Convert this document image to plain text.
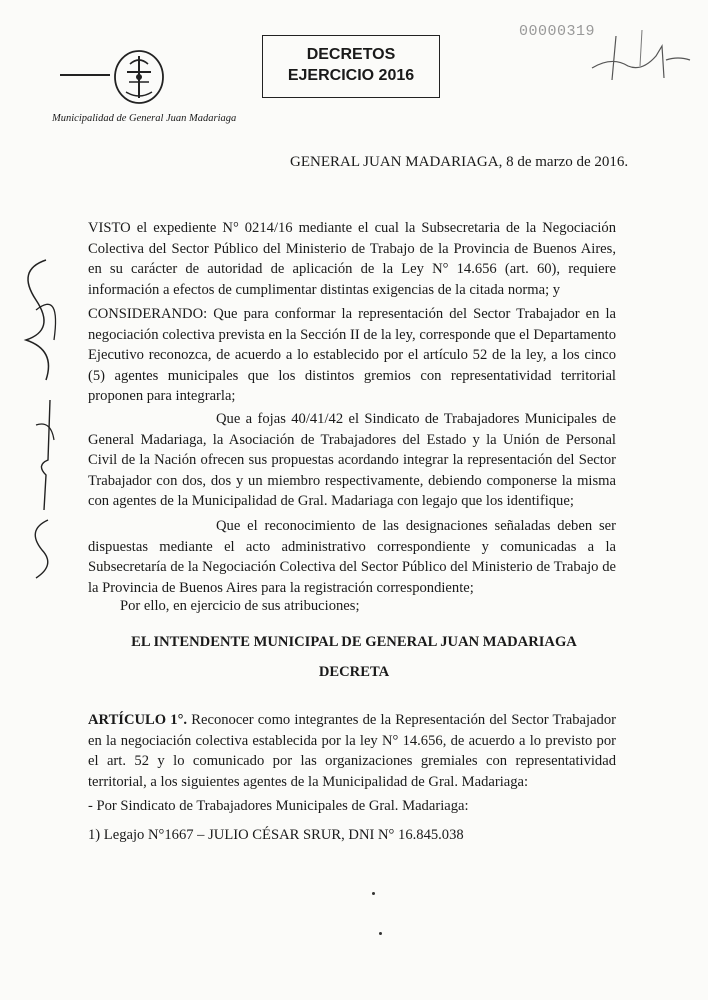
Municipalidad de General Juan Madariaga
DECRETOS
EJERCICIO 2016
00000319
GENERAL JUAN MADARIAGA, 8 de marzo de 2016.
VISTO el expediente N° 0214/16 mediante el cual la Subsecretaria de la Negociación Colectiva del Sector Público del Ministerio de Trabajo de la Provincia de Buenos Aires, en su carácter de autoridad de aplicación de la Ley N° 14.656 (art. 60), requiere información a efectos de cumplimentar distintas exigencias de la citada norma; y
CONSIDERANDO: Que para conformar la representación del Sector Trabajador en la negociación colectiva prevista en la Sección II de la ley, corresponde que el Departamento Ejecutivo reconozca, de acuerdo a lo establecido por el artículo 52 de la ley, a los cinco (5) agentes municipales que los distintos gremios con representatividad territorial proponen para integrarla;
Que a fojas 40/41/42 el Sindicato de Trabajadores Municipales de General Madariaga, la Asociación de Trabajadores del Estado y la Unión de Personal Civil de la Nación ofrecen sus propuestas acordando integrar la representación del Sector Trabajador con dos, dos y un miembro respectivamente, debiendo componerse la misma con agentes de la Municipalidad de Gral. Madariaga con legajo que los identifique;
Que el reconocimiento de las designaciones señaladas deben ser dispuestas mediante el acto administrativo correspondiente y comunicadas a la Subsecretaría de la Negociación Colectiva del Sector Público del Ministerio de Trabajo de la Provincia de Buenos Aires para la registración correspondiente;
Por ello, en ejercicio de sus atribuciones;
EL INTENDENTE MUNICIPAL DE GENERAL JUAN MADARIAGA
DECRETA
ARTÍCULO 1°. Reconocer como integrantes de la Representación del Sector Trabajador en la negociación colectiva establecida por la ley N° 14.656, de acuerdo a lo previsto por el art. 52 y lo comunicado por las organizaciones gremiales con representatividad territorial, a los siguientes agentes de la Municipalidad de Gral. Madariaga:
- Por Sindicato de Trabajadores Municipales de Gral. Madariaga:
1) Legajo N°1667 – JULIO CÉSAR SRUR, DNI N° 16.845.038
